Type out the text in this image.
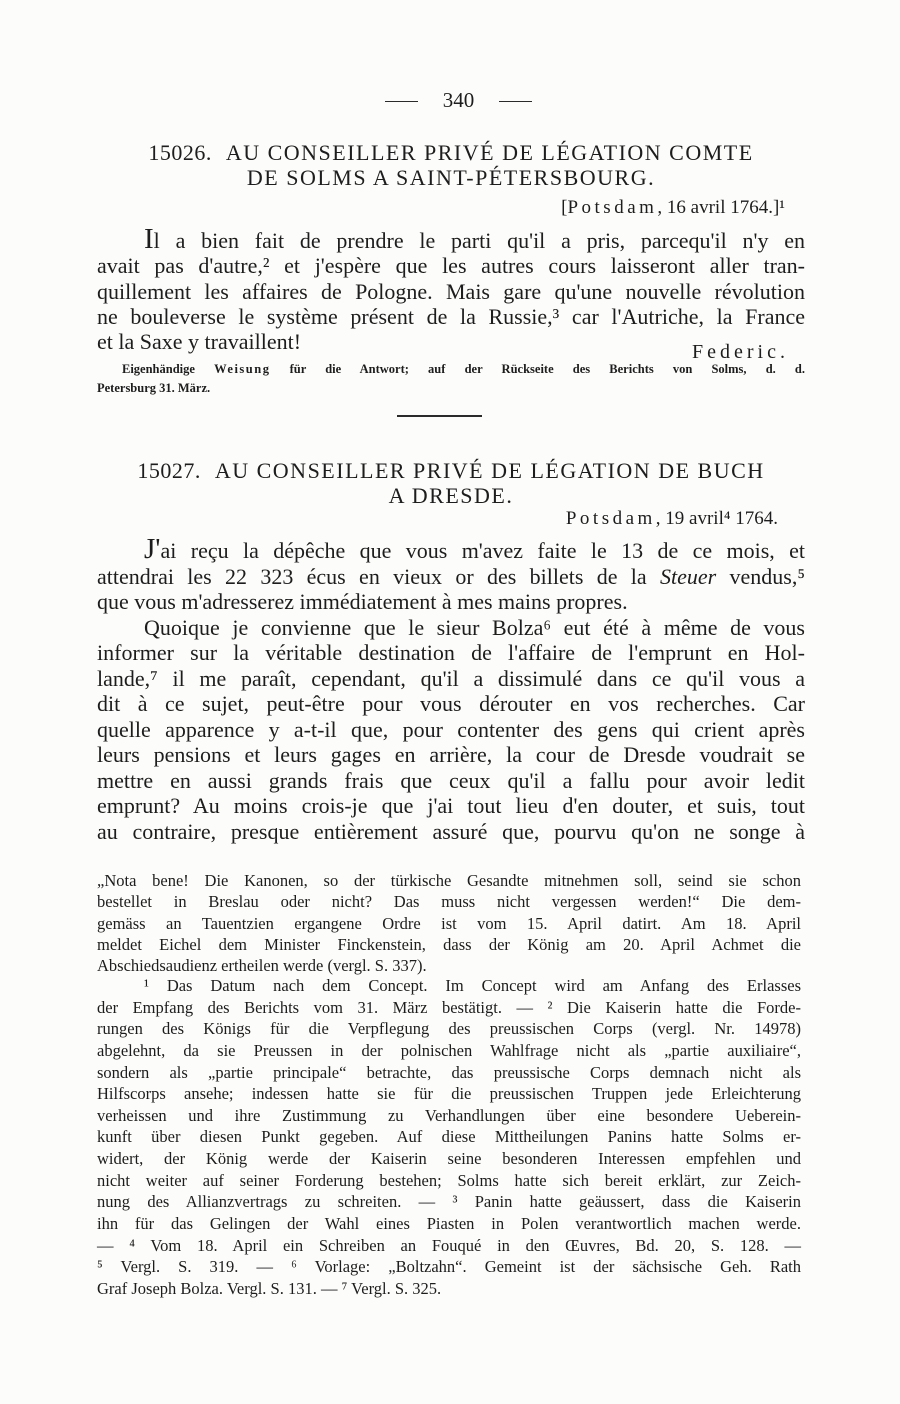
340
15026. AU CONSEILLER PRIVÉ DE LÉGATION COMTE
DE SOLMS A SAINT-PÉTERSBOURG.
[Potsdam, 16 avril 1764.]¹
Il a bien fait de prendre le parti qu'il a pris, parcequ'il n'y en
avait pas d'autre,² et j'espère que les autres cours laisseront aller tran-
quillement les affaires de Pologne. Mais gare qu'une nouvelle révolution
ne bouleverse le système présent de la Russie,³ car l'Autriche, la France
et la Saxe y travaillent!	Federic.
Eigenhändige Weisung für die Antwort; auf der Rückseite des Berichts von Solms, d. d.
Petersburg 31. März.
15027. AU CONSEILLER PRIVÉ DE LÉGATION DE BUCH
A DRESDE.
Potsdam, 19 avril⁴ 1764.
J'ai reçu la dépêche que vous m'avez faite le 13 de ce mois, et
attendrai les 22 323 écus en vieux or des billets de la Steuer vendus,⁵
que vous m'adresserez immédiatement à mes mains propres.
Quoique je convienne que le sieur Bolza⁶ eut été à même de vous
informer sur la véritable destination de l'affaire de l'emprunt en Hol-
lande,⁷ il me paraît, cependant, qu'il a dissimulé dans ce qu'il vous a
dit à ce sujet, peut-être pour vous dérouter en vos recherches. Car
quelle apparence y a-t-il que, pour contenter des gens qui crient après
leurs pensions et leurs gages en arrière, la cour de Dresde voudrait se
mettre en aussi grands frais que ceux qu'il a fallu pour avoir ledit
emprunt? Au moins crois-je que j'ai tout lieu d'en douter, et suis, tout
au contraire, presque entièrement assuré que, pourvu qu'on ne songe à
„Nota bene! Die Kanonen, so der türkische Gesandte mitnehmen soll, seind sie schon
bestellet in Breslau oder nicht? Das muss nicht vergessen werden!“ Die dem-
gemäss an Tauentzien ergangene Ordre ist vom 15. April datirt. Am 18. April
meldet Eichel dem Minister Finckenstein, dass der König am 20. April Achmet die
Abschiedsaudienz ertheilen werde (vergl. S. 337).
¹ Das Datum nach dem Concept. Im Concept wird am Anfang des Erlasses
der Empfang des Berichts vom 31. März bestätigt. — ² Die Kaiserin hatte die Forde-
rungen des Königs für die Verpflegung des preussischen Corps (vergl. Nr. 14978)
abgelehnt, da sie Preussen in der polnischen Wahlfrage nicht als „partie auxiliaire“,
sondern als „partie principale“ betrachte, das preussische Corps demnach nicht als
Hilfscorps ansehe; indessen hatte sie für die preussischen Truppen jede Erleichterung
verheissen und ihre Zustimmung zu Verhandlungen über eine besondere Ueberein-
kunft über diesen Punkt gegeben. Auf diese Mittheilungen Panins hatte Solms er-
widert, der König werde der Kaiserin seine besonderen Interessen empfehlen und
nicht weiter auf seiner Forderung bestehen; Solms hatte sich bereit erklärt, zur Zeich-
nung des Allianzvertrags zu schreiten. — ³ Panin hatte geäussert, dass die Kaiserin
ihn für das Gelingen der Wahl eines Piasten in Polen verantwortlich machen werde.
— ⁴ Vom 18. April ein Schreiben an Fouqué in den Œuvres, Bd. 20, S. 128. —
⁵ Vergl. S. 319. — ⁶ Vorlage: „Boltzahn“. Gemeint ist der sächsische Geh. Rath
Graf Joseph Bolza. Vergl. S. 131. — ⁷ Vergl. S. 325.
